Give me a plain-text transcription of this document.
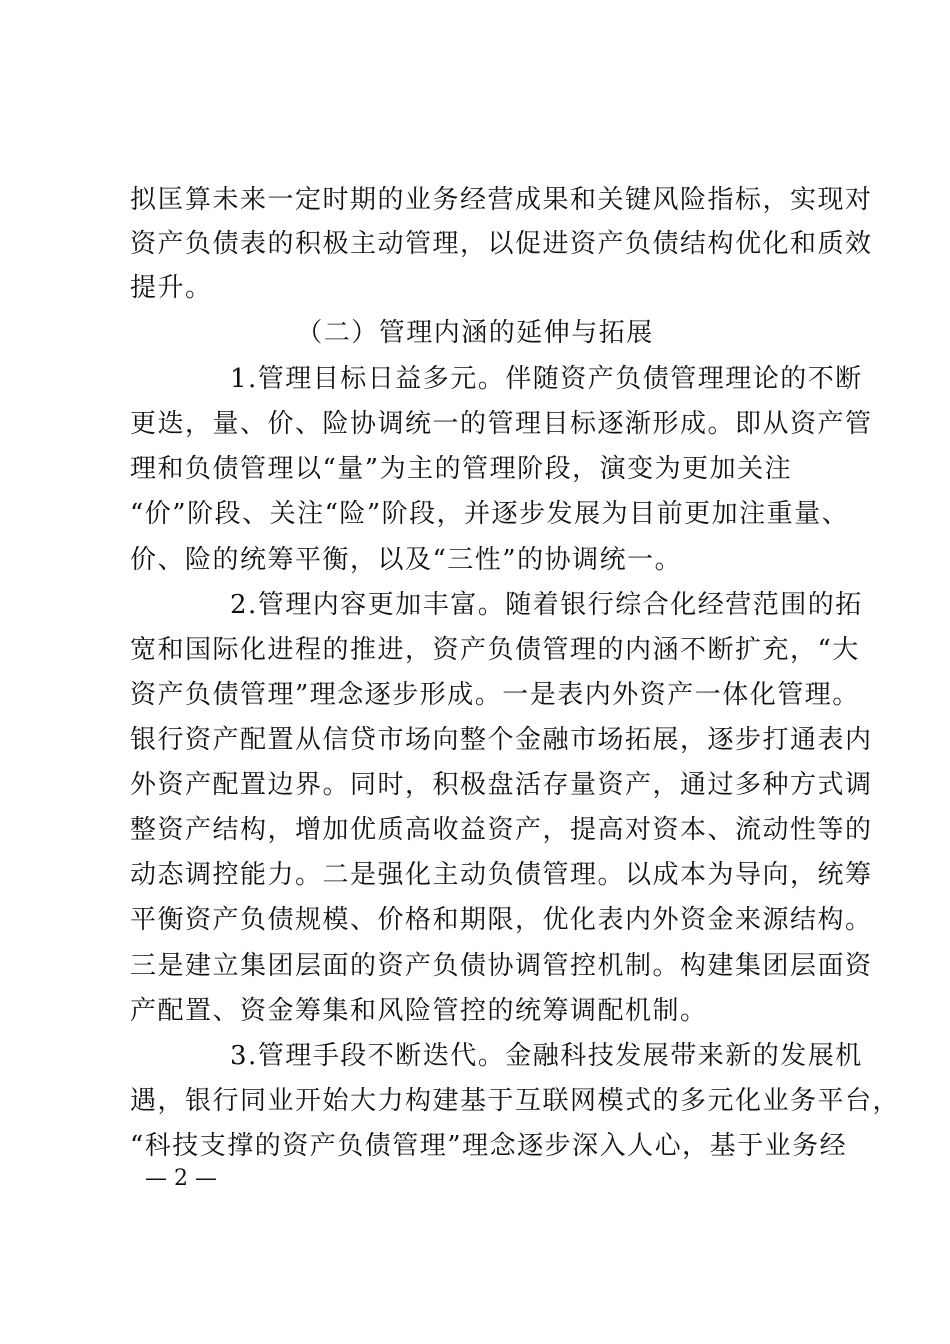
拟匡算未来一定时期的业务经营成果和关键风险指标，实现对
资产负债表的积极主动管理，以促进资产负债结构优化和质效
提升。
（二）管理内涵的延伸与拓展
1.管理目标日益多元。伴随资产负债管理理论的不断
更迭，量、价、险协调统一的管理目标逐渐形成。即从资产管
理和负债管理以“量”为主的管理阶段，演变为更加关注
“价”阶段、关注“险”阶段，并逐步发展为目前更加注重量、
价、险的统筹平衡，以及“三性”的协调统一。
2.管理内容更加丰富。随着银行综合化经营范围的拓
宽和国际化进程的推进，资产负债管理的内涵不断扩充，“大
资产负债管理”理念逐步形成。一是表内外资产一体化管理。
银行资产配置从信贷市场向整个金融市场拓展，逐步打通表内
外资产配置边界。同时，积极盘活存量资产，通过多种方式调
整资产结构，增加优质高收益资产，提高对资本、流动性等的
动态调控能力。二是强化主动负债管理。以成本为导向，统筹
平衡资产负债规模、价格和期限，优化表内外资金来源结构。
三是建立集团层面的资产负债协调管控机制。构建集团层面资
产配置、资金筹集和风险管控的统筹调配机制。
3.管理手段不断迭代。金融科技发展带来新的发展机
遇，银行同业开始大力构建基于互联网模式的多元化业务平台，
“科技支撑的资产负债管理”理念逐步深入人心，基于业务经
— 2 —
